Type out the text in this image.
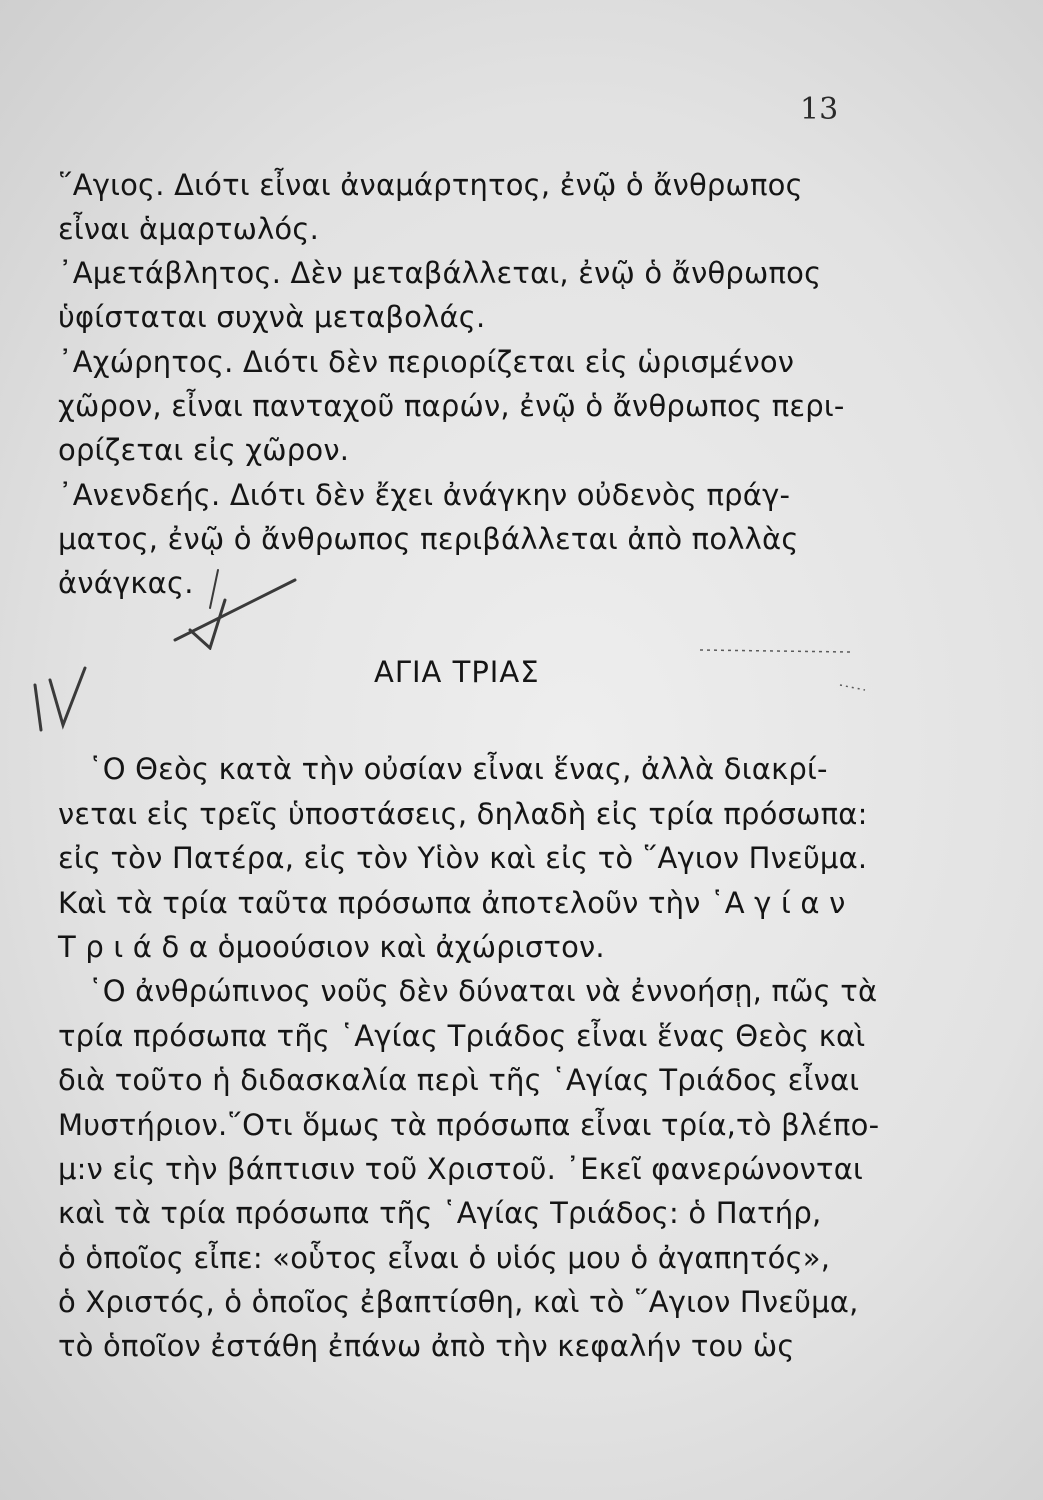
13
῞Αγιος. Διότι εἶναι ἀναμάρτητος, ἐνῷ ὁ ἄνθρωπος
εἶναι ἁμαρτωλός.
᾿Αμετάβλητος. Δὲν μεταβάλλεται, ἐνῷ ὁ ἄνθρωπος
ὑφίσταται συχνὰ μεταβολάς.
᾿Αχώρητος. Διότι δὲν περιορίζεται εἰς ὡρισμένον
χῶρον, εἶναι πανταχοῦ παρών, ἐνῷ ὁ ἄνθρωπος περι-
ορίζεται εἰς χῶρον.
᾿Ανενδεής. Διότι δὲν ἔχει ἀνάγκην οὐδενὸς πράγ-
ματος, ἐνῷ ὁ ἄνθρωπος περιβάλλεται ἀπὸ πολλὰς
ἀνάγκας.
ΑΓΙΑ ΤΡΙΑΣ
῾Ο Θεὸς κατὰ τὴν οὐσίαν εἶναι ἕνας, ἀλλὰ διακρί-
νεται εἰς τρεῖς ὑποστάσεις, δηλαδὴ εἰς τρία πρόσωπα:
εἰς τὸν Πατέρα, εἰς τὸν Υἱὸν καὶ εἰς τὸ ῞Αγιον Πνεῦμα.
Καὶ τὰ τρία ταῦτα πρόσωπα ἀποτελοῦν τὴν ῾Α γ ί α ν
Τ ρ ι ά δ α ὁμοούσιον καὶ ἀχώριστον.
῾Ο ἀνθρώπινος νοῦς δὲν δύναται νὰ ἐννοήσῃ, πῶς τὰ
τρία πρόσωπα τῆς ῾Αγίας Τριάδος εἶναι ἕνας Θεὸς καὶ
διὰ τοῦτο ἡ διδασκαλία περὶ τῆς ῾Αγίας Τριάδος εἶναι
Μυστήριον.῞Οτι ὅμως τὰ πρόσωπα εἶναι τρία,τὸ βλέπο-
μ:ν εἰς τὴν βάπτισιν τοῦ Χριστοῦ. ᾿Εκεῖ φανερώνονται
καὶ τὰ τρία πρόσωπα τῆς ῾Αγίας Τριάδος: ὁ Πατήρ,
ὁ ὁποῖος εἶπε: «οὗτος εἶναι ὁ υἱός μου ὁ ἀγαπητός»,
ὁ Χριστός, ὁ ὁποῖος ἐβαπτίσθη, καὶ τὸ ῞Αγιον Πνεῦμα,
τὸ ὁποῖον ἐστάθη ἐπάνω ἀπὸ τὴν κεφαλήν του ὡς
